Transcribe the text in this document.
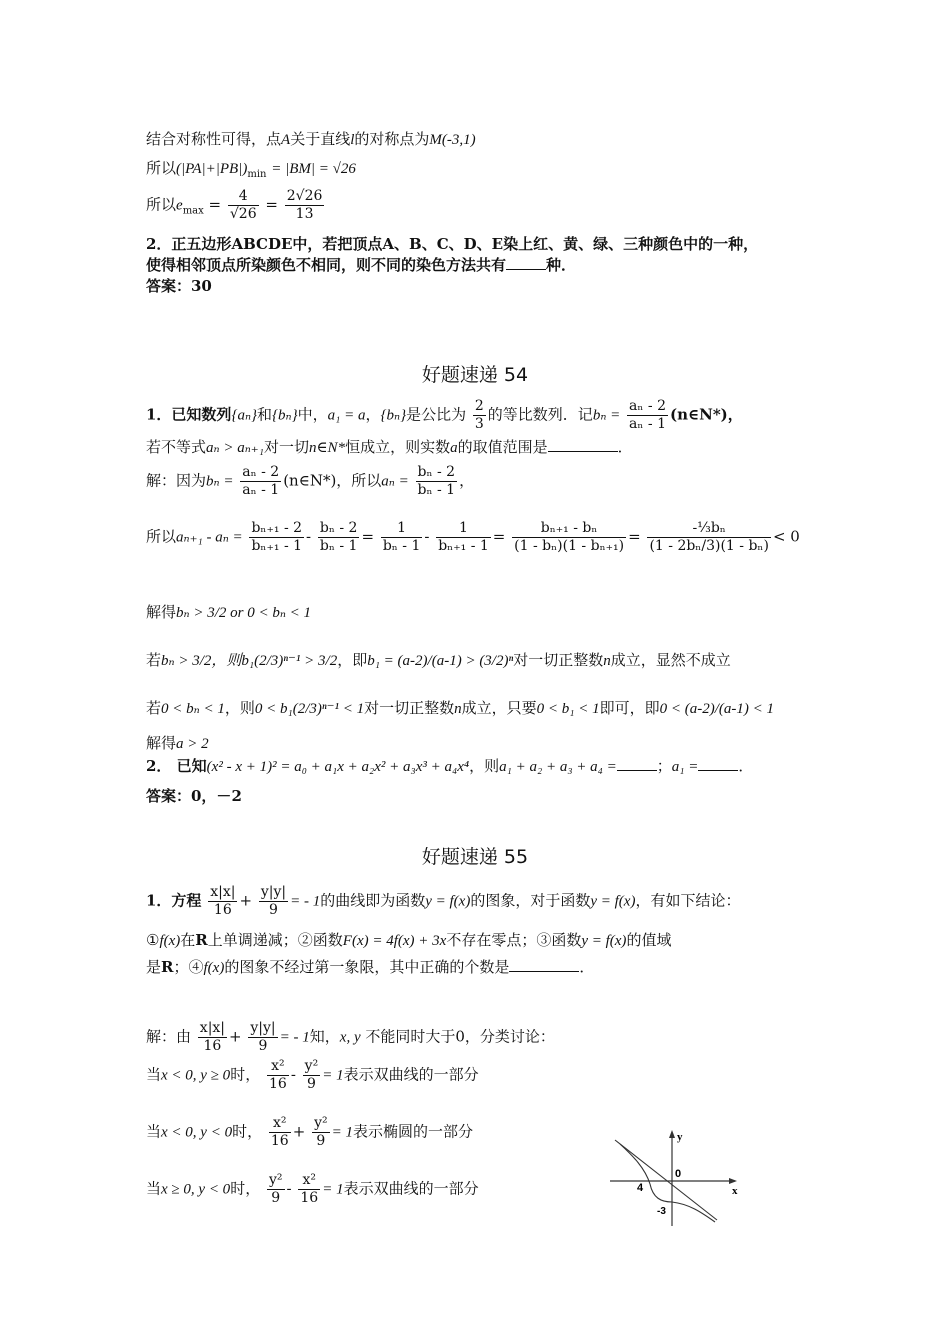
结合对称性可得，点A关于直线l的对称点为M(-3,1)
所以$(|PA|+|PB|)_{min} = |BM| = √26$
所以$e_{max} = \frac{4}{√26} = \frac{2√26}{13}$
2．正五边形ABCDE中，若把顶点A、B、C、D、E染上红、黄、绿、三种颜色中的一种，
使得相邻顶点所染颜色不相同，则不同的染色方法共有	种．
答案：30
好题速递 54
1．已知数列{aₙ}和{bₙ}中，a₁ = a，{bₙ}是公比为 $\frac{2}{3}$ 的等比数列．记$b_n = \frac{\text{aₙ - 2}}{\text{aₙ - 1}}$ (n∈N*)，
若不等式aₙ > aₙ₊₁对一切n∈N*恒成立，则实数a的取值范围是	．
解：因为$b_n = \frac{\text{aₙ - 2}}{\text{aₙ - 1}}$ (n∈N*)，所以$a_n = \frac{\text{bₙ - 2}}{\text{bₙ - 1}}$ ，
所以$a_{n+1} - a_n = \frac{\text{bₙ₊₁ - 2}}{\text{bₙ₊₁ - 1}} - \frac{\text{bₙ - 2}}{\text{bₙ - 1}} = \frac{1}{\text{bₙ - 1}} - \frac{1}{\text{bₙ₊₁ - 1}} = \frac{\text{bₙ₊₁ - bₙ}}{\text{(1 - bₙ)(1 - bₙ₊₁)}} = \frac{\text{-⅓bₙ}}{\text{(1 - 2bₙ/3)(1 - bₙ)}} < 0$
解得bₙ > 3/2 or 0 < bₙ < 1
若bₙ > 3/2，则b₁(2/3)ⁿ⁻¹ > 3/2，即b₁ = (a-2)/(a-1) > (3/2)ⁿ对一切正整数n成立，显然不成立
若0 < bₙ < 1，则0 < b₁(2/3)ⁿ⁻¹ < 1对一切正整数n成立，只要0 < b₁ < 1即可，即0 < (a-2)/(a-1) < 1
解得a > 2
2． 已知(x² - x + 1)² = a₀ + a₁x + a₂x² + a₃x³ + a₄x⁴，则a₁ + a₂ + a₃ + a₄ =	；a₁ =	．
答案：0，－2
好题速递 55
1．方程 $\frac{x|x|}{16} + \frac{y|y|}{9}$ = - 1的曲线即为函数y = f(x)的图象，对于函数y = f(x)，有如下结论：
①f(x)在R上单调递减；②函数F(x) = 4f(x) + 3x不存在零点；③函数y = f(x)的值域
是R；④f(x)的图象不经过第一象限，其中正确的个数是	．
解：由 $\frac{x|x|}{16} + \frac{y|y|}{9}$ = - 1知，x, y 不能同时大于0，分类讨论：
当x < 0, y ≥ 0时， $\frac{\text{x²}}{16} - \frac{\text{y²}}{9} = 1$表示双曲线的一部分
当x < 0, y < 0时， $\frac{\text{x²}}{16} + \frac{\text{y²}}{9} = 1$表示椭圆的一部分
当x ≥ 0, y < 0时， $\frac{\text{y²}}{9} - \frac{\text{x²}}{16} = 1$表示双曲线的一部分
y
x
0
4
-3
